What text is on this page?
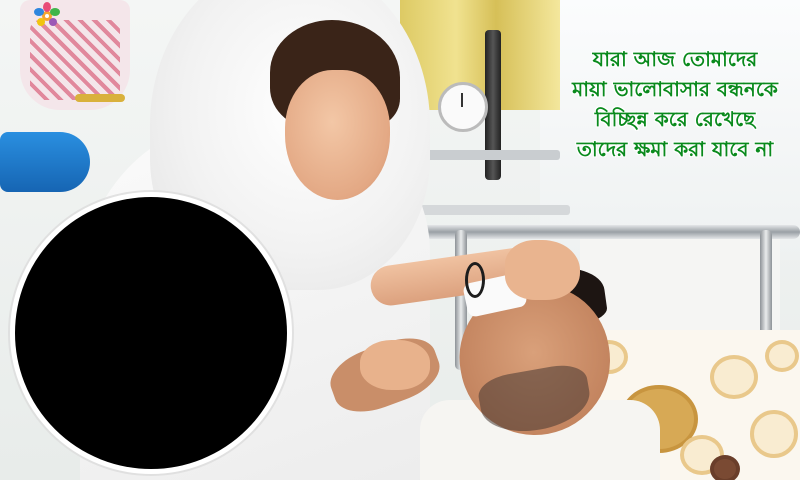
যারা আজ তোমাদের
মায়া ভালোবাসার বন্ধনকে
বিচ্ছিন্ন করে রেখেছে
তাদের ক্ষমা করা যাবে না
